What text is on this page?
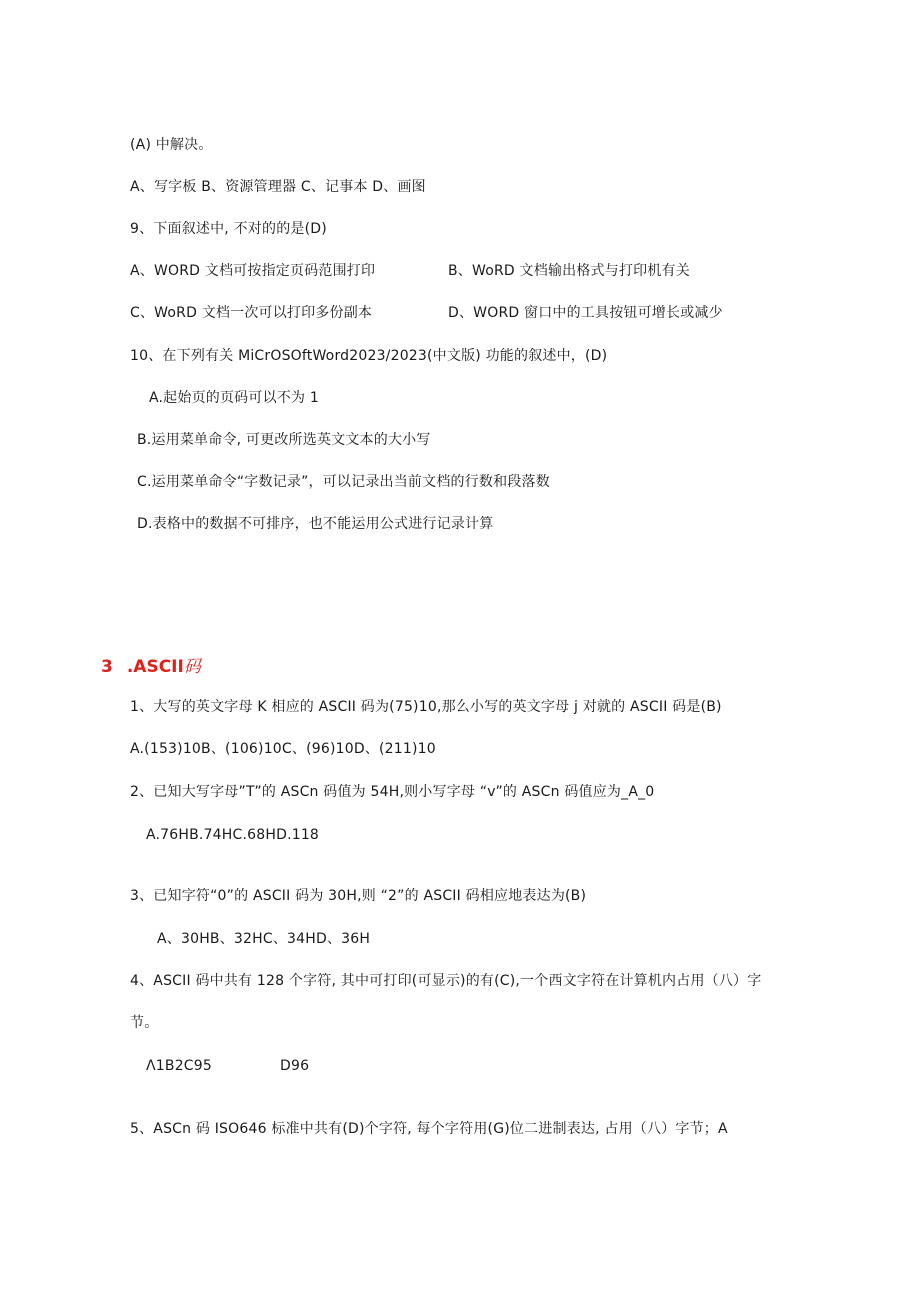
(A) 中解决。
A、写字板 B、资源管理器 C、记事本 D、画图
9、下面叙述中, 不对的的是(D)
A、WORD 文档可按指定页码范围打印	B、WoRD 文档输出格式与打印机有关
C、WoRD 文档一次可以打印多份副本	D、WORD 窗口中的工具按钮可增长或减少
10、在下列有关 MiCrOSOftWord2023/2023(中文版) 功能的叙述中，(D)
A.起始页的页码可以不为 1
B.运用菜单命令, 可更改所选英文文本的大小写
C.运用菜单命令“字数记录”，可以记录出当前文档的行数和段落数
D.表格中的数据不可排序，也不能运用公式进行记录计算
3 .ASCII码
1、大写的英文字母 K 相应的 ASCII 码为(75)10,那么小写的英文字母 j 对就的 ASCII 码是(B)
A.(153)10B、(106)10C、(96)10D、(211)10
2、已知大写字母”T”的 ASCn 码值为 54H,则小写字母 “v”的 ASCn 码值应为_A_0
A.76HB.74HC.68HD.118
3、已知字符“0”的 ASCII 码为 30H,则 “2”的 ASCII 码相应地表达为(B)
A、30HB、32HC、34HD、36H
4、ASCII 码中共有 128 个字符, 其中可打印(可显示)的有(C),一个西文字符在计算机内占用（八）字
节。
Λ1B2C95	D96
5、ASCn 码 ISO646 标准中共有(D)个字符, 每个字符用(G)位二进制表达, 占用（八）字节；A
